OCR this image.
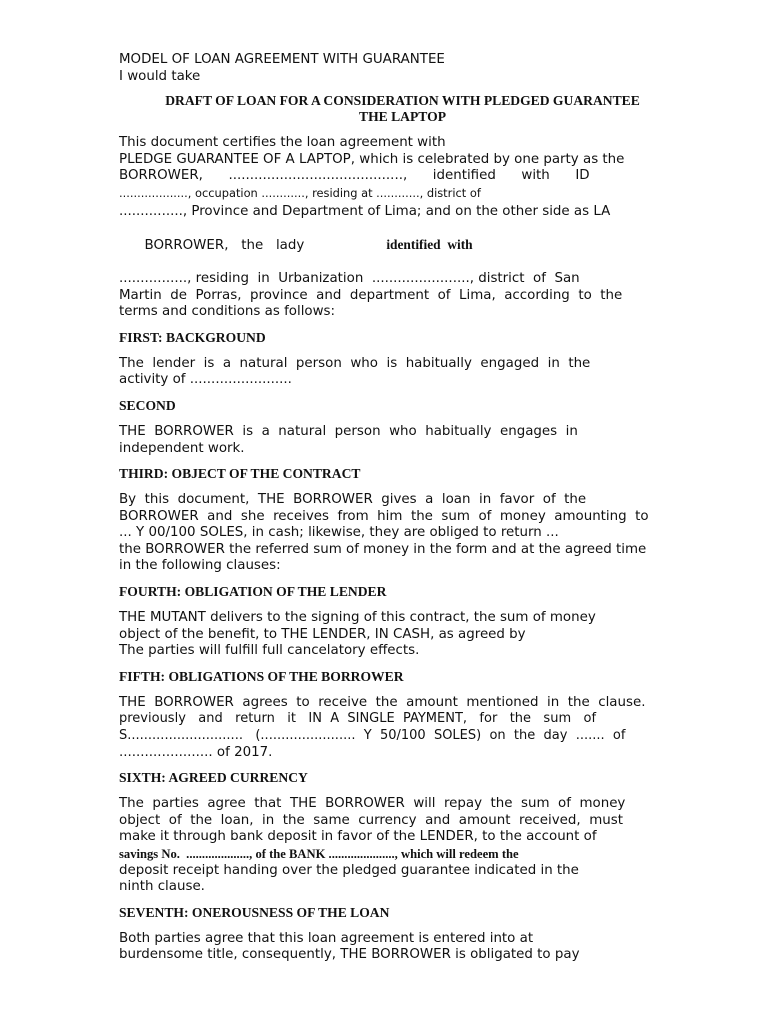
MODEL OF LOAN AGREEMENT WITH GUARANTEE
I would take
DRAFT OF LOAN FOR A CONSIDERATION WITH PLEDGED GUARANTEE
THE LAPTOP
This document certifies the loan agreement with
PLEDGE GUARANTEE OF A LAPTOP, which is celebrated by one party as the
BORROWER,      .........................................,      identified      with      ID
..................., occupation ............, residing at ............, district of
..............., Province and Department of Lima; and on the other side as LA

BORROWER,   the   lady	identified  with

................, residing  in  Urbanization  ......................., district  of  San
Martin  de  Porras,  province  and  department  of  Lima,  according  to  the
terms and conditions as follows:
FIRST: BACKGROUND
The  lender  is  a  natural  person  who  is  habitually  engaged  in  the
activity of ........................
SECOND
THE  BORROWER  is  a  natural  person  who  habitually  engages  in
independent work.
THIRD: OBJECT OF THE CONTRACT
By  this  document,  THE  BORROWER  gives  a  loan  in  favor  of  the
BORROWER  and  she  receives  from  him  the  sum  of  money  amounting  to
... Y 00/100 SOLES, in cash; likewise, they are obliged to return ...
the BORROWER the referred sum of money in the form and at the agreed time
in the following clauses:
FOURTH: OBLIGATION OF THE LENDER
THE MUTANT delivers to the signing of this contract, the sum of money
object of the benefit, to THE LENDER, IN CASH, as agreed by
The parties will fulfill full cancelatory effects.
FIFTH: OBLIGATIONS OF THE BORROWER
THE  BORROWER  agrees  to  receive  the  amount  mentioned  in  the  clause.
previously   and   return   it   IN  A  SINGLE  PAYMENT,   for   the   sum   of
S............................   (.......................  Y  50/100  SOLES)  on  the  day  .......  of
...................... of 2017.
SIXTH: AGREED CURRENCY
The  parties  agree  that  THE  BORROWER  will  repay  the  sum  of  money
object  of  the  loan,  in  the  same  currency  and  amount  received,  must
make it through bank deposit in favor of the LENDER, to the account of
savings No.  ...................., of the BANK ....................., which will redeem the
deposit receipt handing over the pledged guarantee indicated in the
ninth clause.
SEVENTH: ONEROUSNESS OF THE LOAN
Both parties agree that this loan agreement is entered into at
burdensome title, consequently, THE BORROWER is obligated to pay
